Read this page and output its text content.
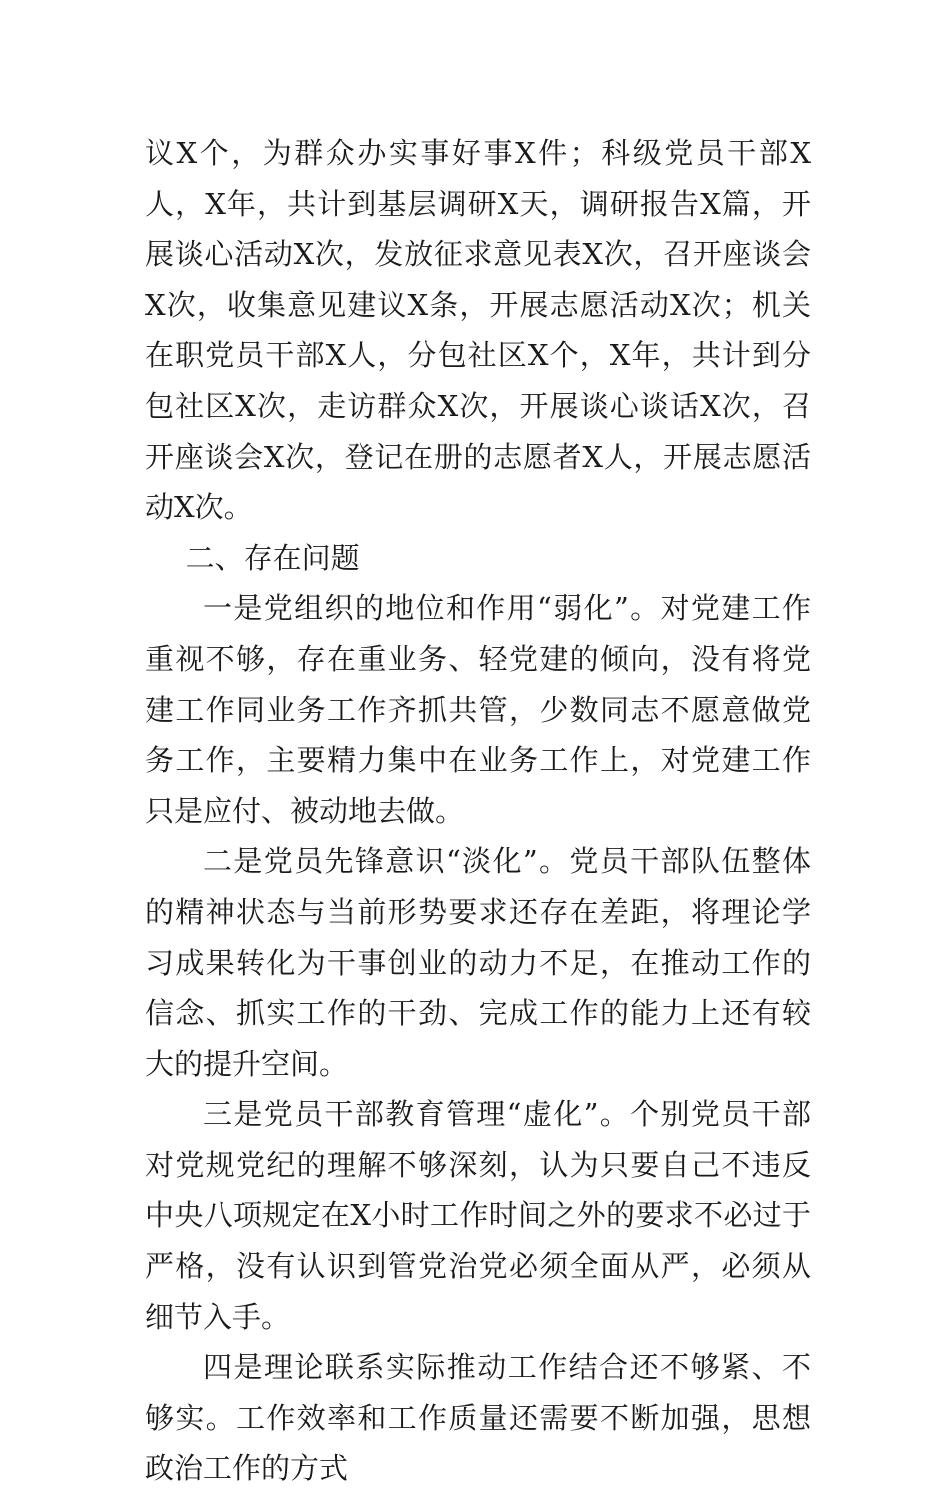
议X个，为群众办实事好事X件；科级党员干部X人，X年，共计到基层调研X天，调研报告X篇，开展谈心活动X次，发放征求意见表X次，召开座谈会X次，收集意见建议X条，开展志愿活动X次；机关在职党员干部X人，分包社区X个，X年，共计到分包社区X次，走访群众X次，开展谈心谈话X次，召开座谈会X次，登记在册的志愿者X人，开展志愿活动X次。

二、存在问题

一是党组织的地位和作用“弱化”。对党建工作重视不够，存在重业务、轻党建的倾向，没有将党建工作同业务工作齐抓共管，少数同志不愿意做党务工作，主要精力集中在业务工作上，对党建工作只是应付、被动地去做。

二是党员先锋意识“淡化”。党员干部队伍整体的精神状态与当前形势要求还存在差距，将理论学习成果转化为干事创业的动力不足，在推动工作的信念、抓实工作的干劲、完成工作的能力上还有较大的提升空间。

三是党员干部教育管理“虚化”。个别党员干部对党规党纪的理解不够深刻，认为只要自己不违反中央八项规定在X小时工作时间之外的要求不必过于严格，没有认识到管党治党必须全面从严，必须从细节入手。

四是理论联系实际推动工作结合还不够紧、不够实。工作效率和工作质量还需要不断加强，思想政治工作的方式
